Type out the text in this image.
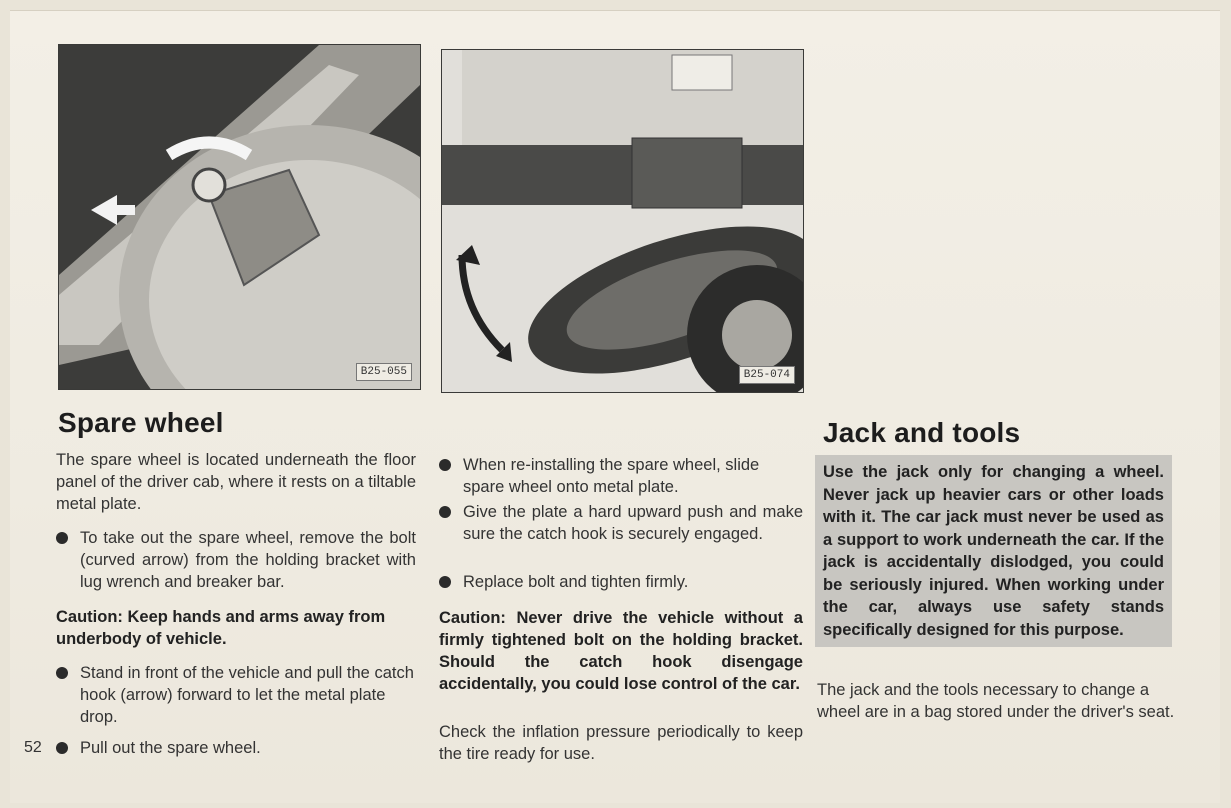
B25-055	B25-074
Spare wheel

The spare wheel is located underneath the floor panel of the driver cab, where it rests on a tiltable metal plate.

To take out the spare wheel, remove the bolt (curved arrow) from the holding bracket with lug wrench and breaker bar.
Caution: Keep hands and arms away from underbody of vehicle.
Stand in front of the vehicle and pull the catch hook (arrow) forward to let the metal plate drop.
52	Pull out the spare wheel.
When re-installing the spare wheel, slide spare wheel onto metal plate.
Give the plate a hard upward push and make sure the catch hook is securely engaged.
Replace bolt and tighten firmly.
Caution: Never drive the vehicle without a firmly tightened bolt on the holding bracket. Should the catch hook disengage accidentally, you could lose control of the car.

Check the inflation pressure periodically to keep the tire ready for use.

Jack and tools
Use the jack only for changing a wheel. Never jack up heavier cars or other loads with it. The car jack must never be used as a support to work underneath the car. If the jack is accidentally dislodged, you could be seriously injured. When working under the car, always use safety stands specifically designed for this purpose.

The jack and the tools necessary to change a wheel are in a bag stored under the driver's seat.
